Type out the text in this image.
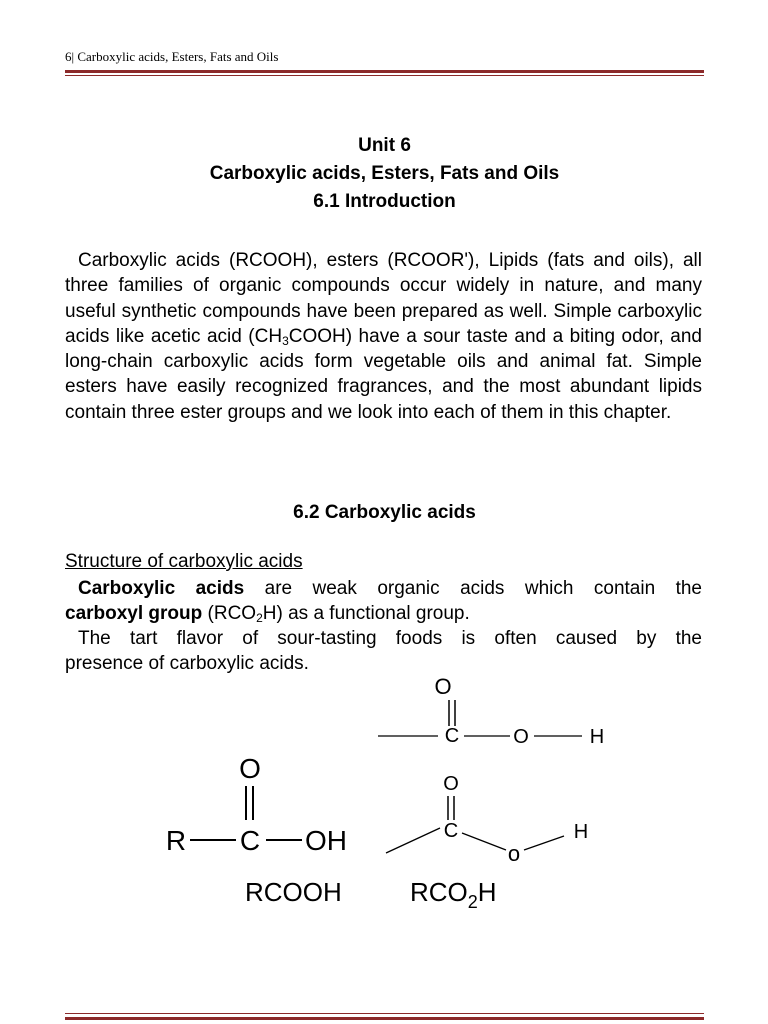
6| Carboxylic acids, Esters, Fats and Oils
Unit 6
Carboxylic acids, Esters, Fats and Oils
6.1 Introduction

Carboxylic acids (RCOOH), esters (RCOOR'), Lipids (fats and oils), all three families of organic compounds occur widely in nature, and many useful synthetic compounds have been prepared as well. Simple carboxylic acids like acetic acid $(CH_3COOH)$ have a sour taste and a biting odor, and long-chain carboxylic acids form vegetable oils and animal fat. Simple esters have easily recognized fragrances, and the most abundant lipids contain three ester groups and we look into each of them in this chapter.

6.2 Carboxylic acids
Structure of carboxylic acids
Carboxylic acids are weak organic acids which contain the
carboxyl group $(RCO_2H)$ as a functional group.
The tart flavor of sour-tasting foods is often caused by the
presence of carboxylic acids.
O
C	O	H
O
R C OH
O
C
o
H
RCOOH	$RCO_2H$
